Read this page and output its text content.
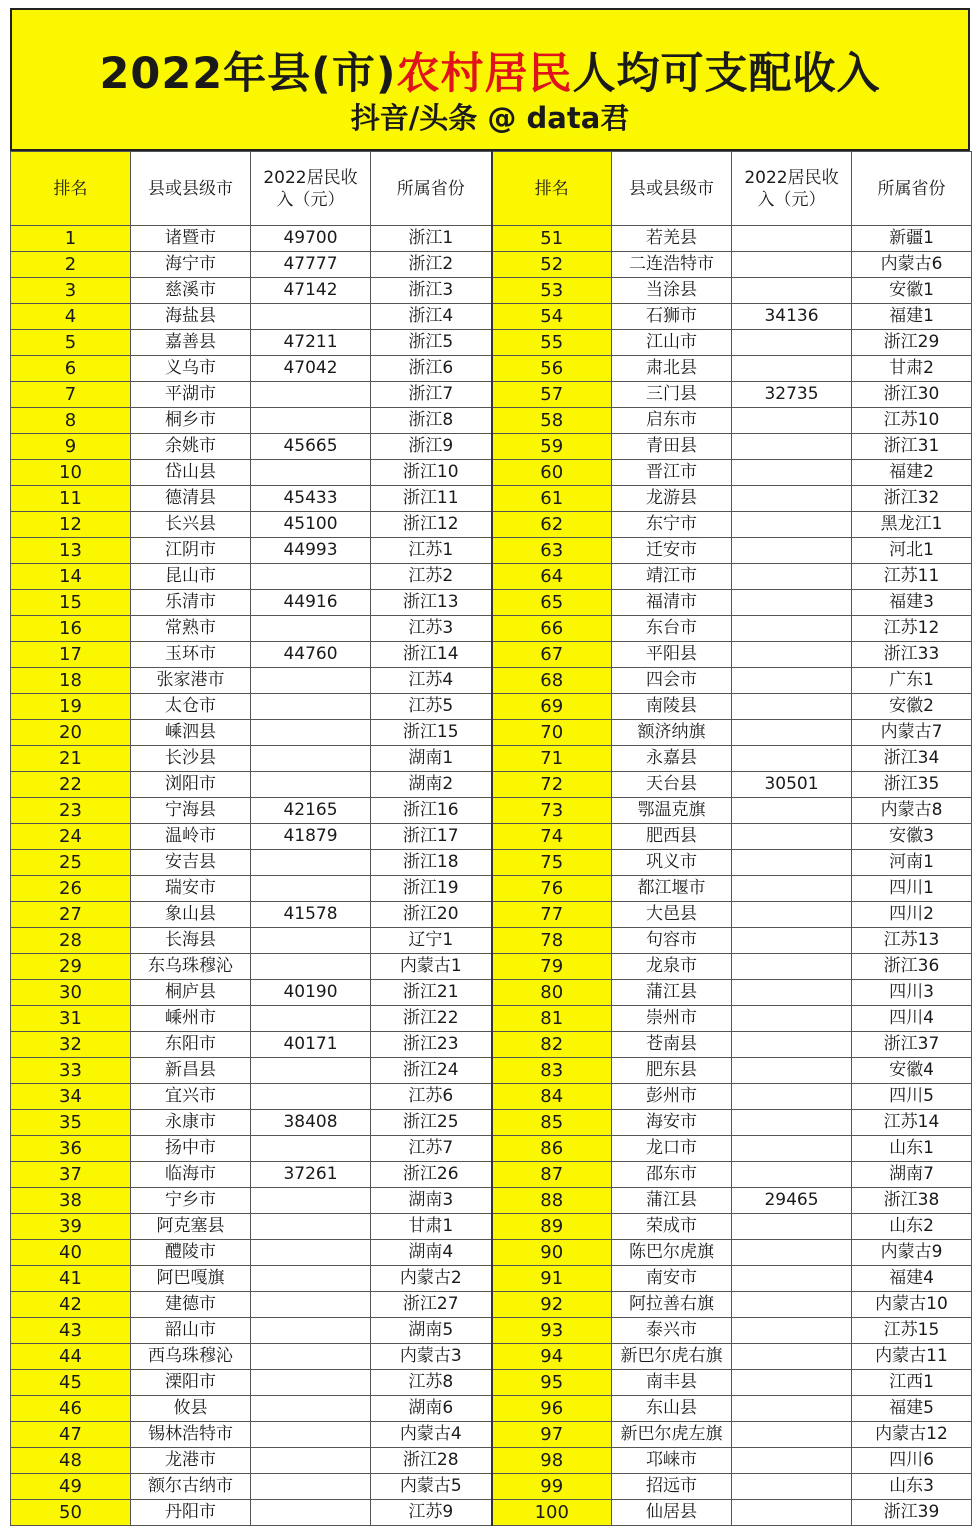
2022年县(市)农村居民人均可支配收入
抖音/头条 @ data君
排名	县或县级市	2022居民收入（元）	所属省份	排名	县或县级市	2022居民收入（元）	所属省份
1	诸暨市	49700	浙江1	51	若羌县		新疆1
2	海宁市	47777	浙江2	52	二连浩特市		内蒙古6
3	慈溪市	47142	浙江3	53	当涂县		安徽1
4	海盐县		浙江4	54	石狮市	34136	福建1
5	嘉善县	47211	浙江5	55	江山市		浙江29
6	义乌市	47042	浙江6	56	肃北县		甘肃2
7	平湖市		浙江7	57	三门县	32735	浙江30
8	桐乡市		浙江8	58	启东市		江苏10
9	余姚市	45665	浙江9	59	青田县		浙江31
10	岱山县		浙江10	60	晋江市		福建2
11	德清县	45433	浙江11	61	龙游县		浙江32
12	长兴县	45100	浙江12	62	东宁市		黑龙江1
13	江阴市	44993	江苏1	63	迁安市		河北1
14	昆山市		江苏2	64	靖江市		江苏11
15	乐清市	44916	浙江13	65	福清市		福建3
16	常熟市		江苏3	66	东台市		江苏12
17	玉环市	44760	浙江14	67	平阳县		浙江33
18	张家港市		江苏4	68	四会市		广东1
19	太仓市		江苏5	69	南陵县		安徽2
20	嵊泗县		浙江15	70	额济纳旗		内蒙古7
21	长沙县		湖南1	71	永嘉县		浙江34
22	浏阳市		湖南2	72	天台县	30501	浙江35
23	宁海县	42165	浙江16	73	鄂温克旗		内蒙古8
24	温岭市	41879	浙江17	74	肥西县		安徽3
25	安吉县		浙江18	75	巩义市		河南1
26	瑞安市		浙江19	76	都江堰市		四川1
27	象山县	41578	浙江20	77	大邑县		四川2
28	长海县		辽宁1	78	句容市		江苏13
29	东乌珠穆沁		内蒙古1	79	龙泉市		浙江36
30	桐庐县	40190	浙江21	80	蒲江县		四川3
31	嵊州市		浙江22	81	崇州市		四川4
32	东阳市	40171	浙江23	82	苍南县		浙江37
33	新昌县		浙江24	83	肥东县		安徽4
34	宜兴市		江苏6	84	彭州市		四川5
35	永康市	38408	浙江25	85	海安市		江苏14
36	扬中市		江苏7	86	龙口市		山东1
37	临海市	37261	浙江26	87	邵东市		湖南7
38	宁乡市		湖南3	88	蒲江县	29465	浙江38
39	阿克塞县		甘肃1	89	荣成市		山东2
40	醴陵市		湖南4	90	陈巴尔虎旗		内蒙古9
41	阿巴嘎旗		内蒙古2	91	南安市		福建4
42	建德市		浙江27	92	阿拉善右旗		内蒙古10
43	韶山市		湖南5	93	泰兴市		江苏15
44	西乌珠穆沁		内蒙古3	94	新巴尔虎右旗		内蒙古11
45	溧阳市		江苏8	95	南丰县		江西1
46	攸县		湖南6	96	东山县		福建5
47	锡林浩特市		内蒙古4	97	新巴尔虎左旗		内蒙古12
48	龙港市		浙江28	98	邛崃市		四川6
49	额尔古纳市		内蒙古5	99	招远市		山东3
50	丹阳市		江苏9	100	仙居县		浙江39
